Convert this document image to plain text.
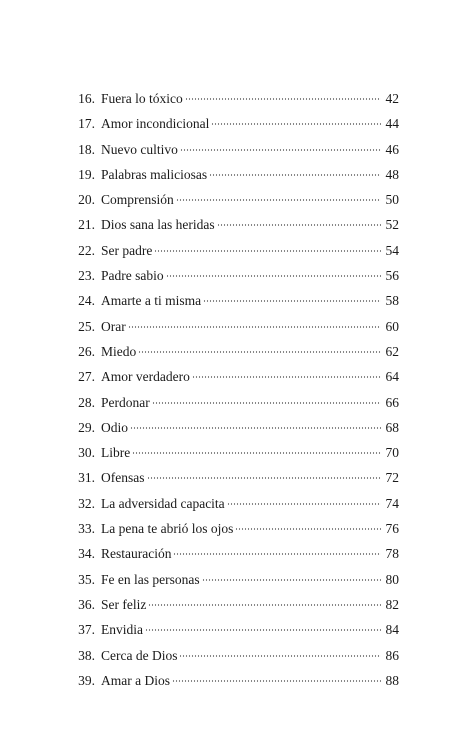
16. Fuera lo tóxico	42
17. Amor incondicional	44
18. Nuevo cultivo	46
19. Palabras maliciosas	48
20. Comprensión	50
21. Dios sana las heridas	52
22. Ser padre	54
23. Padre sabio	56
24. Amarte a ti misma	58
25. Orar	60
26. Miedo	62
27. Amor verdadero	64
28. Perdonar	66
29. Odio	68
30. Libre	70
31. Ofensas	72
32. La adversidad capacita	74
33. La pena te abrió los ojos	76
34. Restauración	78
35. Fe en las personas	80
36. Ser feliz	82
37. Envidia	84
38. Cerca de Dios	86
39. Amar a Dios	88
